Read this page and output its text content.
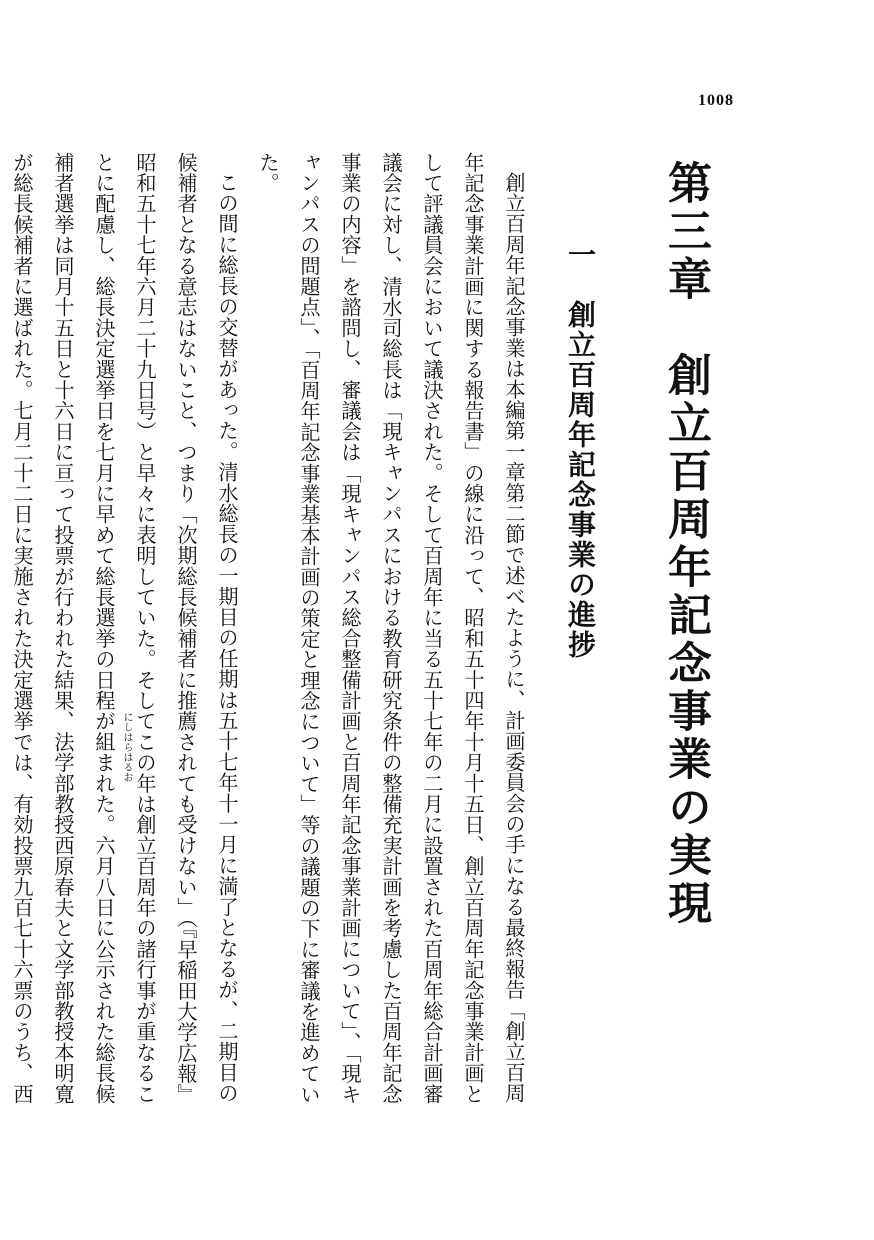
1008
第三章　創立百周年記念事業の実現
一　創立百周年記念事業の進捗

創立百周年記念事業は本編第一章第二節で述べたように、計画委員会の手になる最終報告「創立百周年記念事業計画に関する報告書」の線に沿って、昭和五十四年十月十五日、創立百周年記念事業計画として評議員会において議決された。そして百周年に当る五十七年の二月に設置された百周年総合計画審議会に対し、清水司総長は「現キャンパスにおける教育研究条件の整備充実計画を考慮した百周年記念事業の内容」を諮問し、審議会は「現キャンパス総合整備計画と百周年記念事業計画について」、「現キャンパスの問題点」、「百周年記念事業基本計画の策定と理念について」等の議題の下に審議を進めていた。

この間に総長の交替があった。清水総長の一期目の任期は五十七年十一月に満了となるが、二期目の候補者となる意志はないこと、つまり「次期総長候補者に推薦されても受けない」（『早稲田大学広報』昭和五十七年六月二十九日号）と早々に表明していた。そしてこの年は創立百周年の諸行事が重なることに配慮し、総長決定選挙日を七月に早めて総長選挙の日程が組まれた。六月八日に公示された総長候補者選挙は同月十五日と十六日に亘って投票が行われた結果、法学部教授西原春夫と文学部教授本明寛が総長候補者に選ばれた。七月二十二日に実施された決定選挙では、有効投票九百七十六票のうち、西

にしはらはるお
